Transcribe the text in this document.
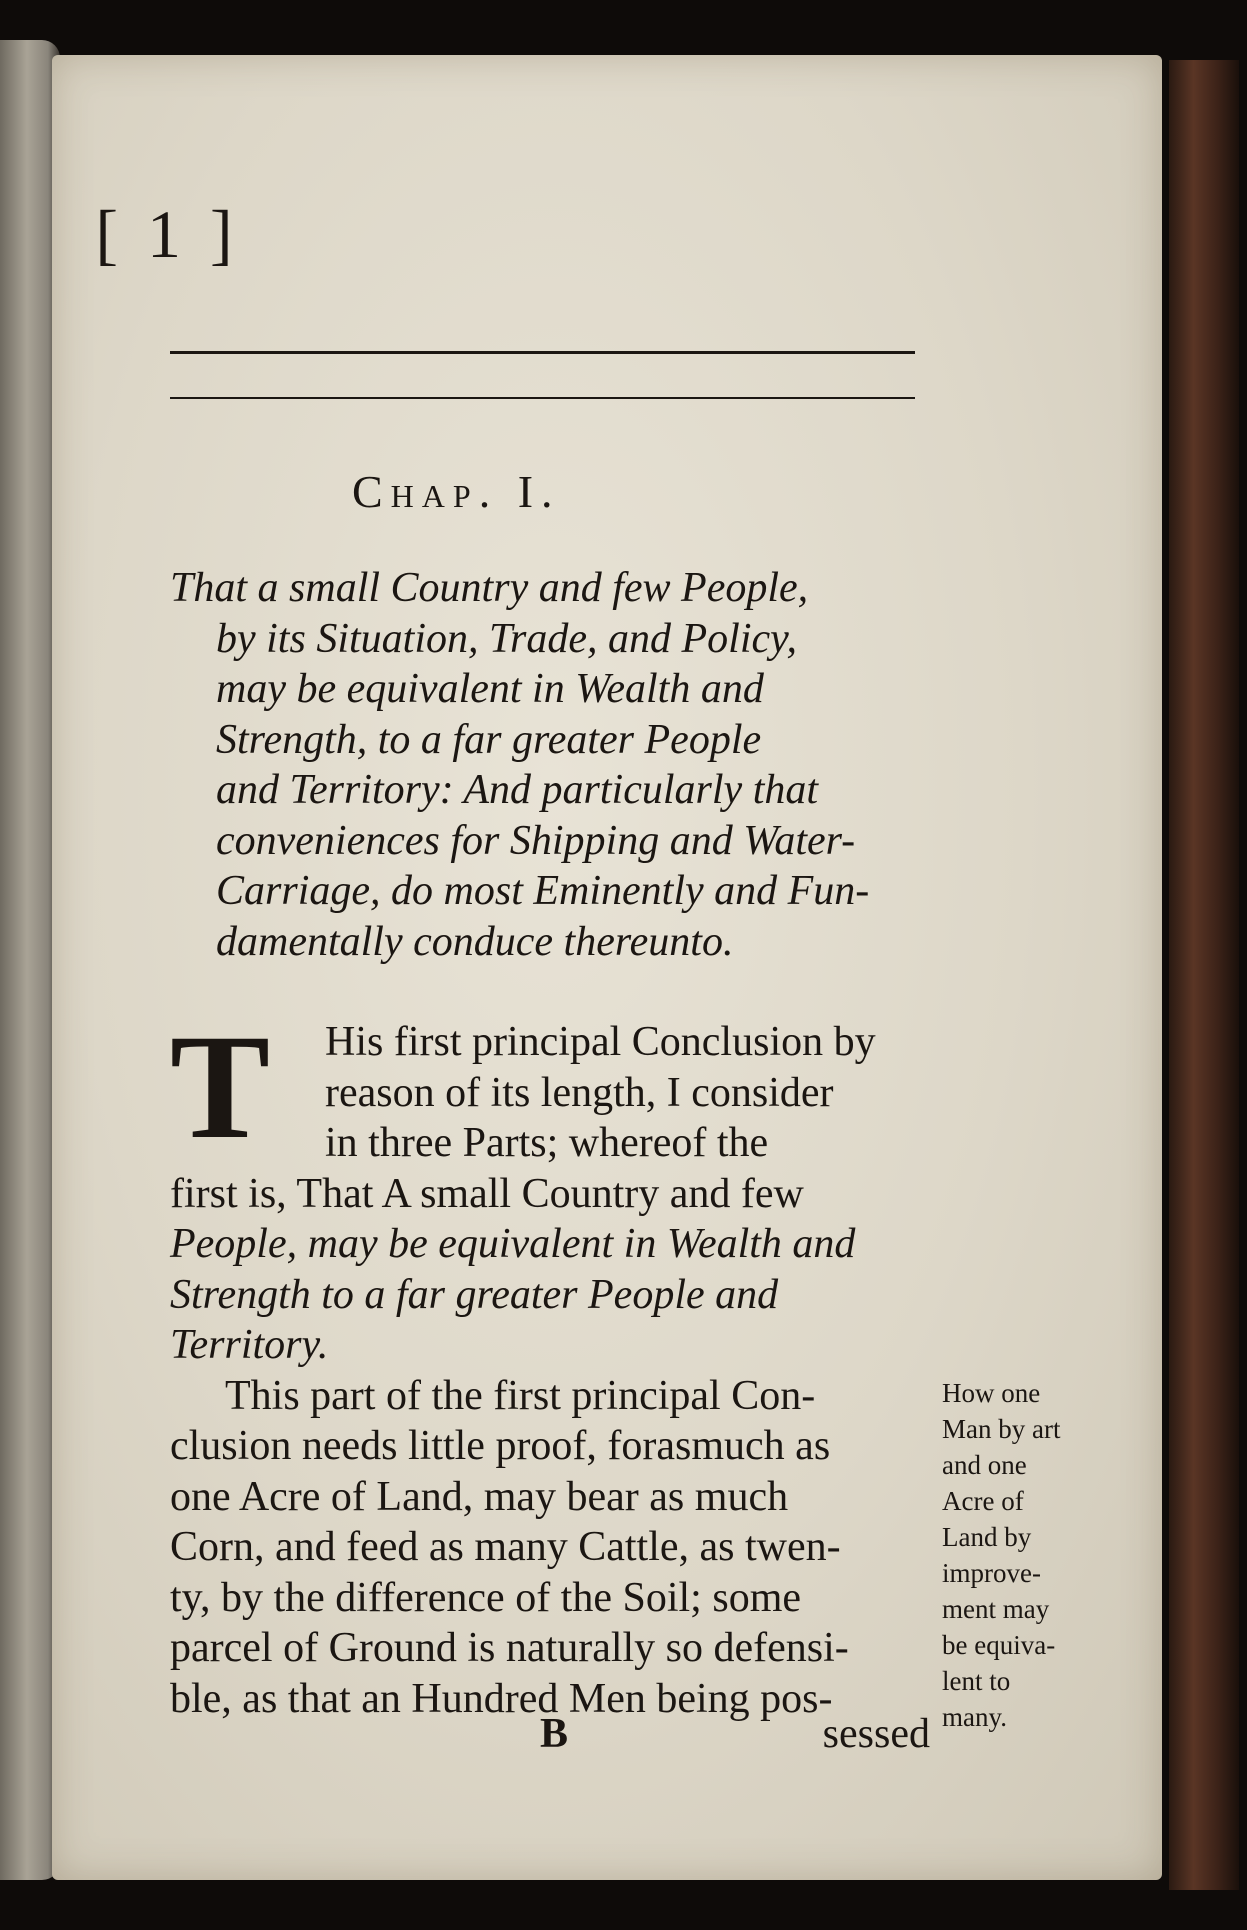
[ 1 ]
Chap. I.
That a small Country and few People,
by its Situation, Trade, and Policy,
may be equivalent in Wealth and
Strength, to a far greater People
and Territory: And particularly that
conveniences for Shipping and Water-
Carriage, do most Eminently and Fun-
damentally conduce thereunto.
T His first principal Conclusion by
reason of its length, I consider
in three Parts; whereof the
first is, That A small Country and few
People, may be equivalent in Wealth and
Strength to a far greater People and
Territory.
This part of the first principal Con-
clusion needs little proof, forasmuch as
one Acre of Land, may bear as much
Corn, and feed as many Cattle, as twen-
ty, by the difference of the Soil; some
parcel of Ground is naturally so defensi-
ble, as that an Hundred Men being pos-
B	sessed
How one
Man by art
and one
Acre of
Land by
improve-
ment may
be equiva-
lent to
many.
